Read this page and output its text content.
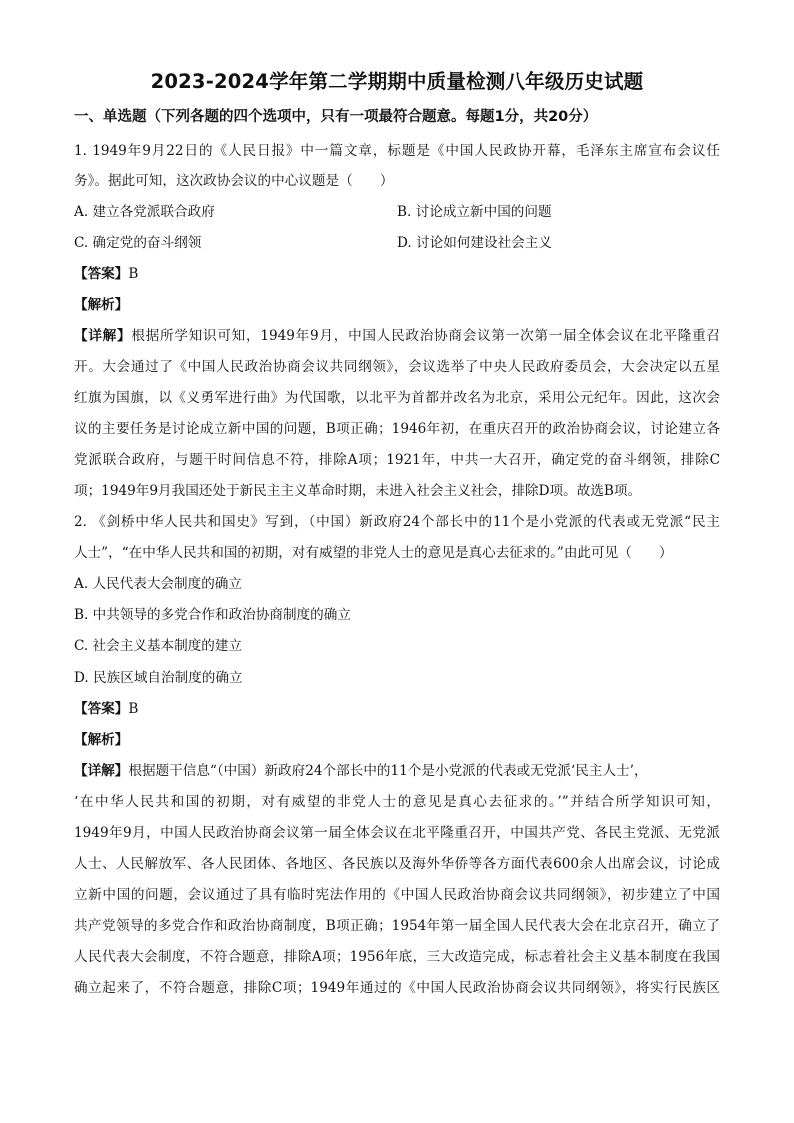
2023-2024学年第二学期期中质量检测八年级历史试题
一、单选题（下列各题的四个选项中，只有一项最符合题意。每题1分，共20分）
1. 1949年9月22日的《人民日报》中一篇文章，标题是《中国人民政协开幕，毛泽东主席宣布会议任
务》。据此可知，这次政协会议的中心议题是（　　）
A. 建立各党派联合政府	B. 讨论成立新中国的问题
C. 确定党的奋斗纲领	D. 讨论如何建设社会主义
【答案】B
【解析】
【详解】根据所学知识可知，1949年9月，中国人民政治协商会议第一次第一届全体会议在北平隆重召
开。大会通过了《中国人民政治协商会议共同纲领》，会议选举了中央人民政府委员会，大会决定以五星
红旗为国旗，以《义勇军进行曲》为代国歌，以北平为首都并改名为北京，采用公元纪年。因此，这次会
议的主要任务是讨论成立新中国的问题，B项正确；1946年初，在重庆召开的政治协商会议，讨论建立各
党派联合政府，与题干时间信息不符，排除A项；1921年，中共一大召开，确定党的奋斗纲领，排除C
项；1949年9月我国还处于新民主主义革命时期，未进入社会主义社会，排除D项。故选B项。
2. 《剑桥中华人民共和国史》写到，（中国）新政府24个部长中的11个是小党派的代表或无党派“民主
人士”，“在中华人民共和国的初期，对有威望的非党人士的意见是真心去征求的。”由此可见（　　）
A. 人民代表大会制度的确立
B. 中共领导的多党合作和政治协商制度的确立
C. 社会主义基本制度的建立
D. 民族区域自治制度的确立
【答案】B
【解析】
【详解】根据题干信息“（中国）新政府24个部长中的11个是小党派的代表或无党派‘民主人士’，
‘在中华人民共和国的初期，对有威望的非党人士的意见是真心去征求的。’”并结合所学知识可知，
1949年9月，中国人民政治协商会议第一届全体会议在北平隆重召开，中国共产党、各民主党派、无党派
人士、人民解放军、各人民团体、各地区、各民族以及海外华侨等各方面代表600余人出席会议，讨论成
立新中国的问题，会议通过了具有临时宪法作用的《中国人民政治协商会议共同纲领》，初步建立了中国
共产党领导的多党合作和政治协商制度，B项正确；1954年第一届全国人民代表大会在北京召开，确立了
人民代表大会制度，不符合题意，排除A项；1956年底，三大改造完成，标志着社会主义基本制度在我国
确立起来了，不符合题意，排除C项；1949年通过的《中国人民政治协商会议共同纲领》，将实行民族区
